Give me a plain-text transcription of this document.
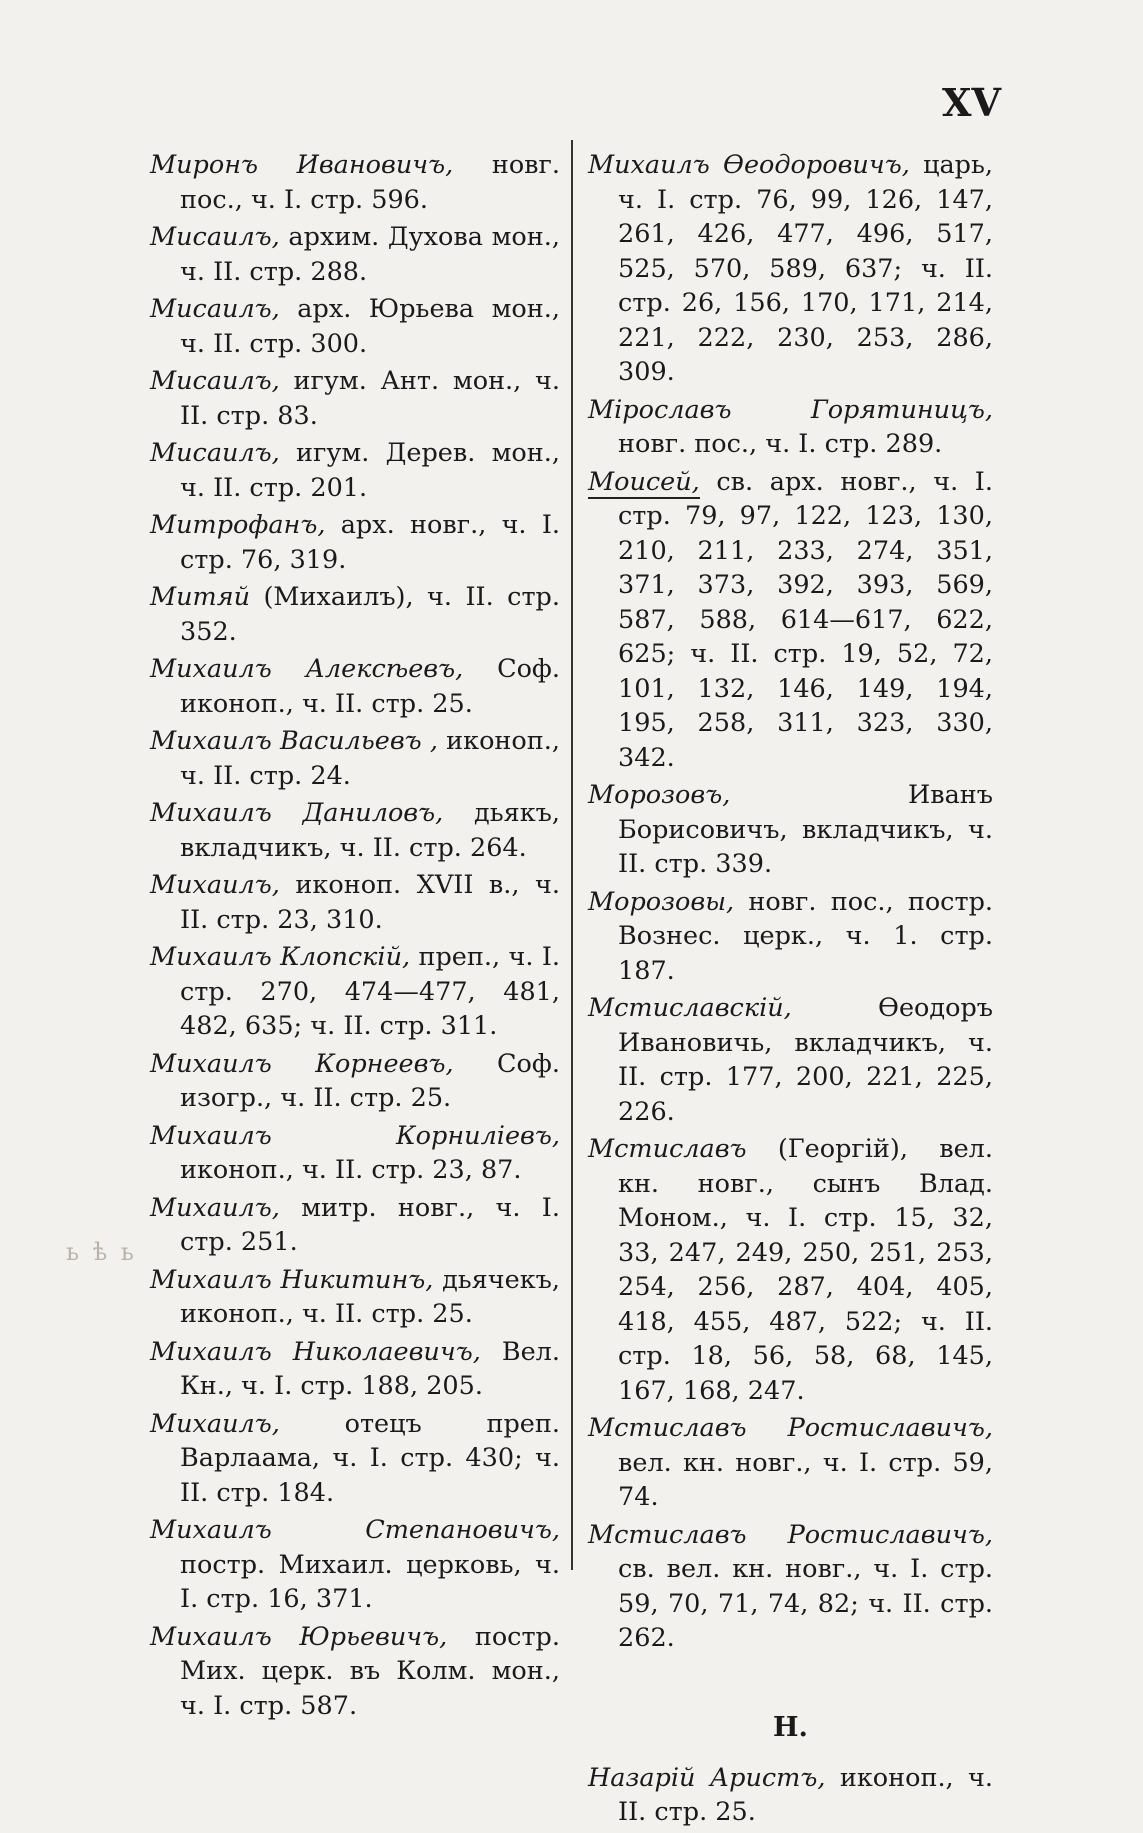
XV
ь ѣ ь
Миронъ Ивановичъ, новг. пос., ч. I. стр. 596.
Мисаилъ, архим. Духова мон., ч. II. стр. 288.
Мисаилъ, арх. Юрьева мон., ч. II. стр. 300.
Мисаилъ, игум. Ант. мон., ч. II. стр. 83.
Мисаилъ, игум. Дерев. мон., ч. II. стр. 201.
Митрофанъ, арх. новг., ч. I. стр. 76, 319.
Митяй (Михаилъ), ч. II. стр. 352.
Михаилъ Алексѣевъ, Соф. иконоп., ч. II. стр. 25.
Михаилъ Васильевъ , иконоп., ч. II. стр. 24.
Михаилъ Даниловъ, дьякъ, вкладчикъ, ч. II. стр. 264.
Михаилъ, иконоп. XVII в., ч. II. стр. 23, 310.
Михаилъ Клопскій, преп., ч. I. стр. 270, 474—477, 481, 482, 635; ч. II. стр. 311.
Михаилъ Корнеевъ, Соф. изогр., ч. II. стр. 25.
Михаилъ Корниліевъ, иконоп., ч. II. стр. 23, 87.
Михаилъ, митр. новг., ч. I. стр. 251.
Михаилъ Никитинъ, дьячекъ, иконоп., ч. II. стр. 25.
Михаилъ Николаевичъ, Вел. Кн., ч. I. стр. 188, 205.
Михаилъ, отецъ преп. Варлаама, ч. I. стр. 430; ч. II. стр. 184.
Михаилъ Степановичъ, постр. Михаил. церковь, ч. I. стр. 16, 371.
Михаилъ Юрьевичъ, постр. Мих. церк. въ Колм. мон., ч. I. стр. 587.
Михаилъ Ѳеодоровичъ, царь, ч. I. стр. 76, 99, 126, 147, 261, 426, 477, 496, 517, 525, 570, 589, 637; ч. II. стр. 26, 156, 170, 171, 214, 221, 222, 230, 253, 286, 309.
Мірославъ Горятиницъ, новг. пос., ч. I. стр. 289.
Моисей, св. арх. новг., ч. I. стр. 79, 97, 122, 123, 130, 210, 211, 233, 274, 351, 371, 373, 392, 393, 569, 587, 588, 614—617, 622, 625; ч. II. стр. 19, 52, 72, 101, 132, 146, 149, 194, 195, 258, 311, 323, 330, 342.
Морозовъ, Иванъ Борисовичъ, вкладчикъ, ч. II. стр. 339.
Морозовы, новг. пос., постр. Вознес. церк., ч. 1. стр. 187.
Мстиславскій, Ѳеодоръ Ивановичь, вкладчикъ, ч. II. стр. 177, 200, 221, 225, 226.
Мстиславъ (Георгій), вел. кн. новг., сынъ Влад. Моном., ч. I. стр. 15, 32, 33, 247, 249, 250, 251, 253, 254, 256, 287, 404, 405, 418, 455, 487, 522; ч. II. стр. 18, 56, 58, 68, 145, 167, 168, 247.
Мстиславъ Ростиславичъ, вел. кн. новг., ч. I. стр. 59, 74.
Мстиславъ Ростиславичъ, св. вел. кн. новг., ч. I. стр. 59, 70, 71, 74, 82; ч. II. стр. 262.
Н.
Назарій Аристъ, иконоп., ч. II. стр. 25.
